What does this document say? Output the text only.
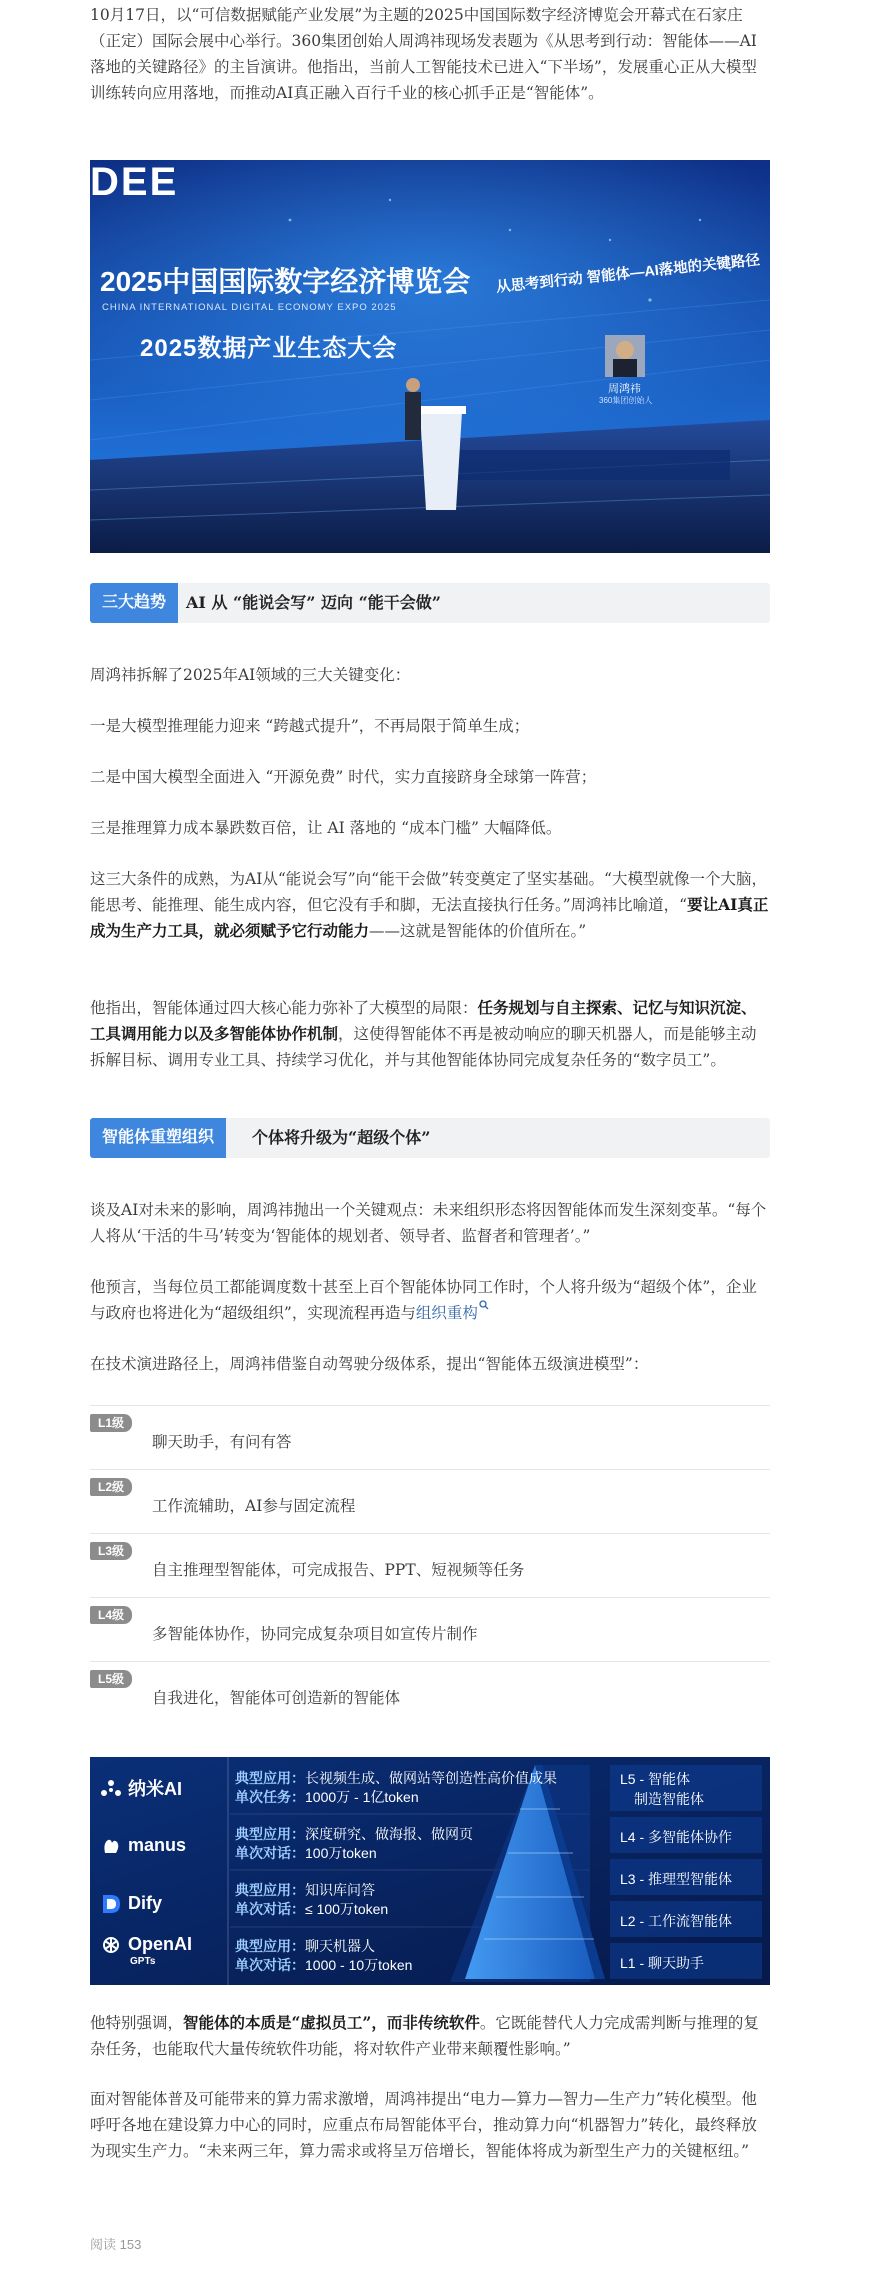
10月17日，以“可信数据赋能产业发展”为主题的2025中国国际数字经济博览会开幕式在石家庄（正定）国际会展中心举行。360集团创始人周鸿祎现场发表题为《从思考到行动：智能体——AI落地的关键路径》的主旨演讲。他指出，当前人工智能技术已进入“下半场”，发展重心正从大模型训练转向应用落地，而推动AI真正融入百行千业的核心抓手正是“智能体”。

DEE
2025中国国际数字经济博览会
CHINA INTERNATIONAL DIGITAL ECONOMY EXPO 2025
2025数据产业生态大会
从思考到行动 智能体—AI落地的关键路径
周鸿祎
360集团创始人
三大趋势	AI 从 “能说会写” 迈向 “能干会做”

周鸿祎拆解了2025年AI领域的三大关键变化：

一是大模型推理能力迎来 “跨越式提升”，不再局限于简单生成；

二是中国大模型全面进入 “开源免费” 时代，实力直接跻身全球第一阵营；

三是推理算力成本暴跌数百倍，让 AI 落地的 “成本门槛” 大幅降低。

这三大条件的成熟，为AI从“能说会写”向“能干会做”转变奠定了坚实基础。“大模型就像一个大脑，能思考、能推理、能生成内容，但它没有手和脚，无法直接执行任务。”周鸿祎比喻道，“要让AI真正成为生产力工具，就必须赋予它行动能力——这就是智能体的价值所在。”

他指出，智能体通过四大核心能力弥补了大模型的局限：任务规划与自主探索、记忆与知识沉淀、工具调用能力以及多智能体协作机制，这使得智能体不再是被动响应的聊天机器人，而是能够主动拆解目标、调用专业工具、持续学习优化，并与其他智能体协同完成复杂任务的“数字员工”。

智能体重塑组织	个体将升级为“超级个体”

谈及AI对未来的影响，周鸿祎抛出一个关键观点：未来组织形态将因智能体而发生深刻变革。“每个人将从‘干活的牛马’转变为‘智能体的规划者、领导者、监督者和管理者’。”

他预言，当每位员工都能调度数十甚至上百个智能体协同工作时，个人将升级为“超级个体”，企业与政府也将进化为“超级组织”，实现流程再造与组织重构

在技术演进路径上，周鸿祎借鉴自动驾驶分级体系，提出“智能体五级演进模型”：

L1级
聊天助手，有问有答
L2级
工作流辅助，AI参与固定流程
L3级
自主推理型智能体，可完成报告、PPT、短视频等任务
L4级
多智能体协作，协同完成复杂项目如宣传片制作
L5级
自我进化，智能体可创造新的智能体
纳米AI
manus
Dify
OpenAI
GPTs
典型应用：长视频生成、做网站等创造性高价值成果
单次任务：1000万 - 1亿token
典型应用：深度研究、做海报、做网页
单次对话：100万token
典型应用：知识库问答
单次对话：≤ 100万token
典型应用：聊天机器人
单次对话：1000 - 10万token
L5 - 智能体
制造智能体
L4 - 多智能体协作
L3 - 推理型智能体
L2 - 工作流智能体
L1 - 聊天助手

他特别强调，智能体的本质是“虚拟员工”，而非传统软件。它既能替代人力完成需判断与推理的复杂任务，也能取代大量传统软件功能，将对软件产业带来颠覆性影响。”

面对智能体普及可能带来的算力需求激增，周鸿祎提出“电力—算力—智力—生产力”转化模型。他呼吁各地在建设算力中心的同时，应重点布局智能体平台，推动算力向“机器智力”转化，最终释放为现实生产力。“未来两三年，算力需求或将呈万倍增长，智能体将成为新型生产力的关键枢纽。”

阅读 153
